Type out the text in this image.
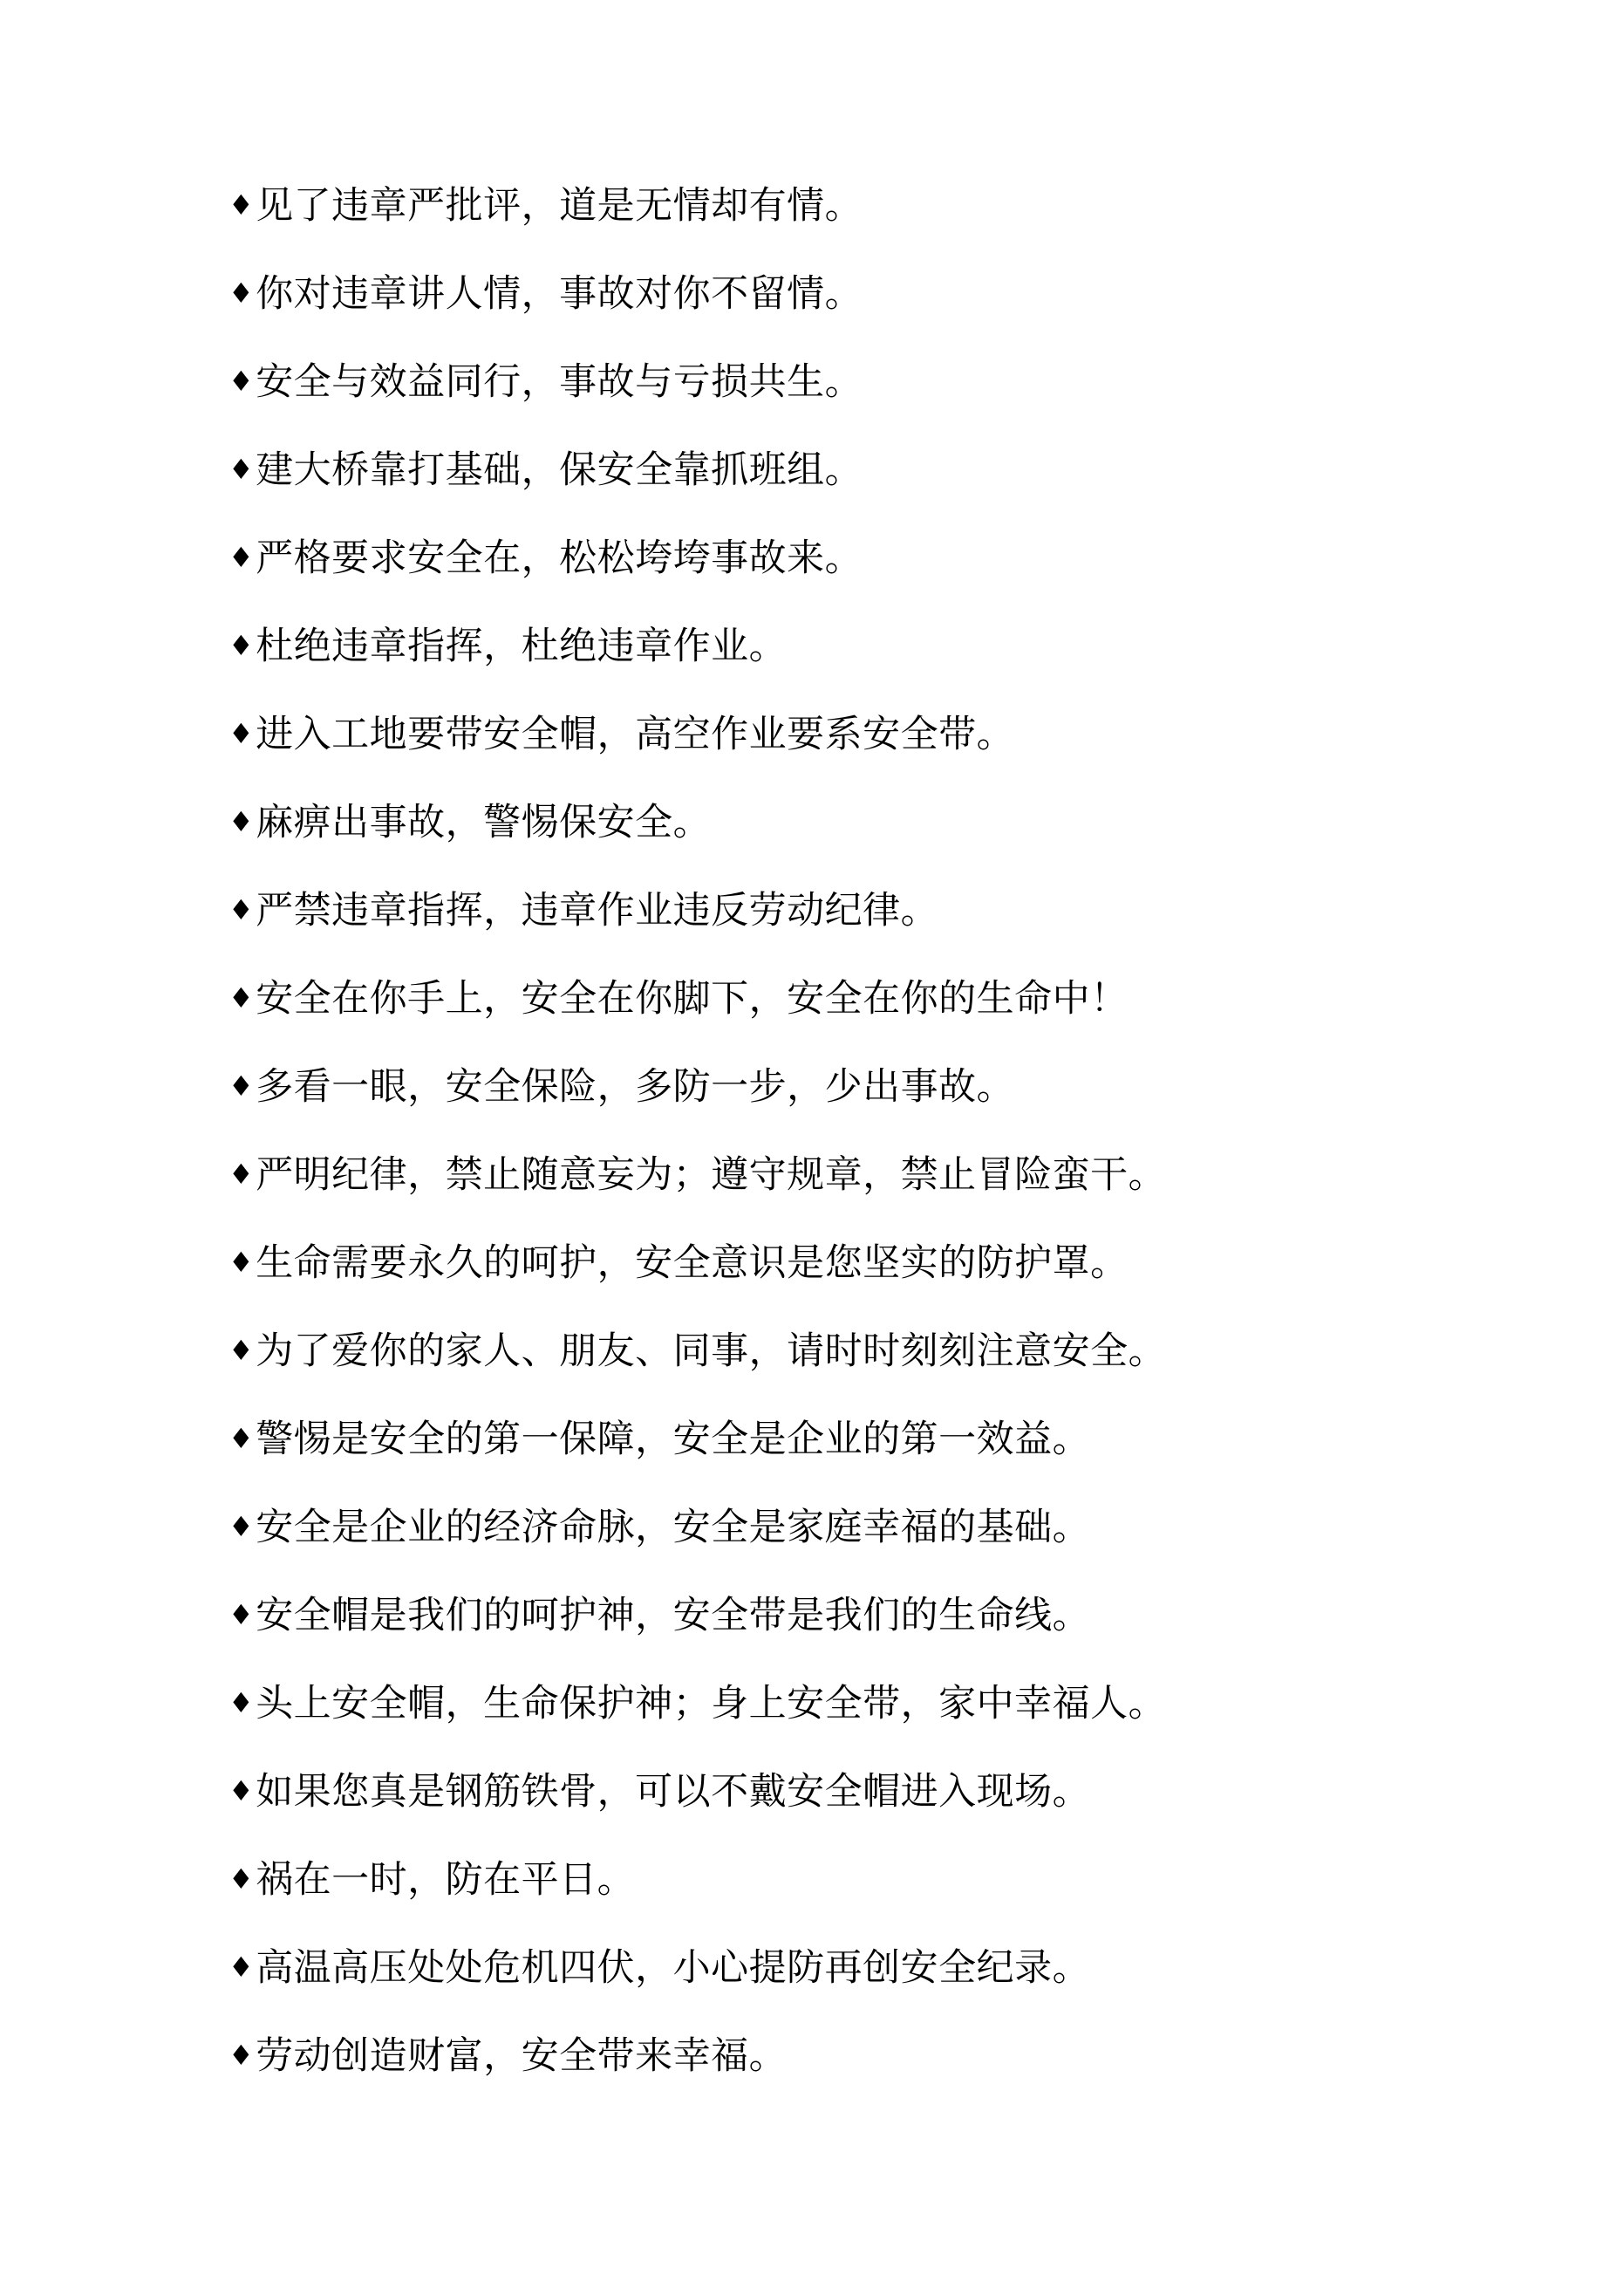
♦见了违章严批评，道是无情却有情。
♦你对违章讲人情，事故对你不留情。
♦安全与效益同行，事故与亏损共生。
♦建大桥靠打基础，保安全靠抓班组。
♦严格要求安全在，松松垮垮事故来。
♦杜绝违章指挥，杜绝违章作业。
♦进入工地要带安全帽，高空作业要系安全带。
♦麻痹出事故，警惕保安全。
♦严禁违章指挥，违章作业违反劳动纪律。
♦安全在你手上，安全在你脚下，安全在你的生命中！
♦多看一眼，安全保险，多防一步，少出事故。
♦严明纪律，禁止随意妄为；遵守规章，禁止冒险蛮干。
♦生命需要永久的呵护，安全意识是您坚实的防护罩。
♦为了爱你的家人、朋友、同事，请时时刻刻注意安全。
♦警惕是安全的第一保障，安全是企业的第一效益。
♦安全是企业的经济命脉，安全是家庭幸福的基础。
♦安全帽是我们的呵护神，安全带是我们的生命线。
♦头上安全帽，生命保护神；身上安全带，家中幸福人。
♦如果您真是钢筋铁骨，可以不戴安全帽进入现场。
♦祸在一时，防在平日。
♦高温高压处处危机四伏，小心提防再创安全纪录。
♦劳动创造财富，安全带来幸福。
